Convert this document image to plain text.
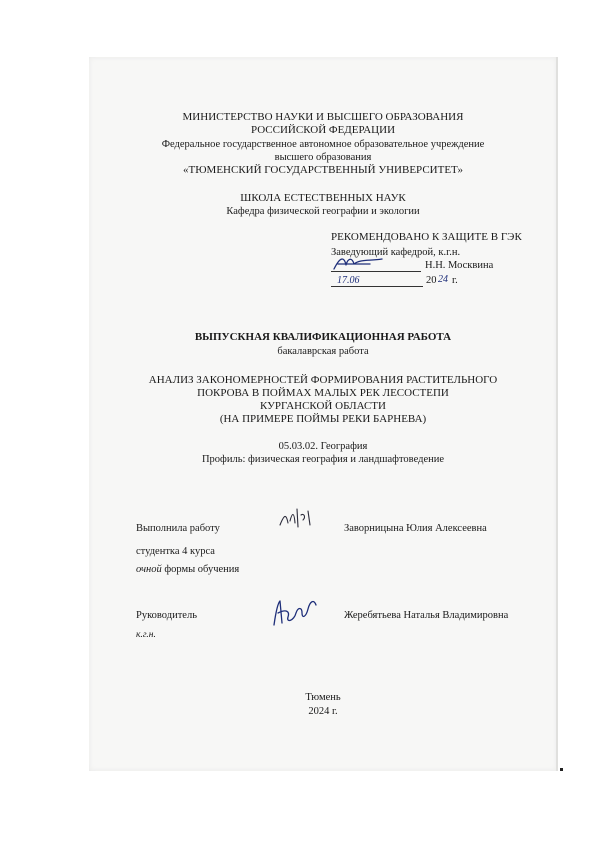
МИНИСТЕРСТВО НАУКИ И ВЫСШЕГО ОБРАЗОВАНИЯ
РОССИЙСКОЙ ФЕДЕРАЦИИ
Федеральное государственное автономное образовательное учреждение
высшего образования
«ТЮМЕНСКИЙ ГОСУДАРСТВЕННЫЙ УНИВЕРСИТЕТ»
ШКОЛА ЕСТЕСТВЕННЫХ НАУК
Кафедра физической географии и экологии
РЕКОМЕНДОВАНО К ЗАЩИТЕ В ГЭК
Заведующий кафедрой, к.г.н.
Н.Н. Москвина
17.06	20 24 г.
ВЫПУСКНАЯ КВАЛИФИКАЦИОННАЯ РАБОТА
бакалаврская работа
АНАЛИЗ ЗАКОНОМЕРНОСТЕЙ ФОРМИРОВАНИЯ РАСТИТЕЛЬНОГО
ПОКРОВА В ПОЙМАХ МАЛЫХ РЕК ЛЕСОСТЕПИ
КУРГАНСКОЙ ОБЛАСТИ
(НА ПРИМЕРЕ ПОЙМЫ РЕКИ БАРНЕВА)
05.03.02. География
Профиль: физическая география и ландшафтоведение
Выполнила работу	Заворницына Юлия Алексеевна
студентка 4 курса
очной формы обучения
Руководитель
к.г.н.
Жеребятьева Наталья Владимировна
Тюмень
2024 г.
